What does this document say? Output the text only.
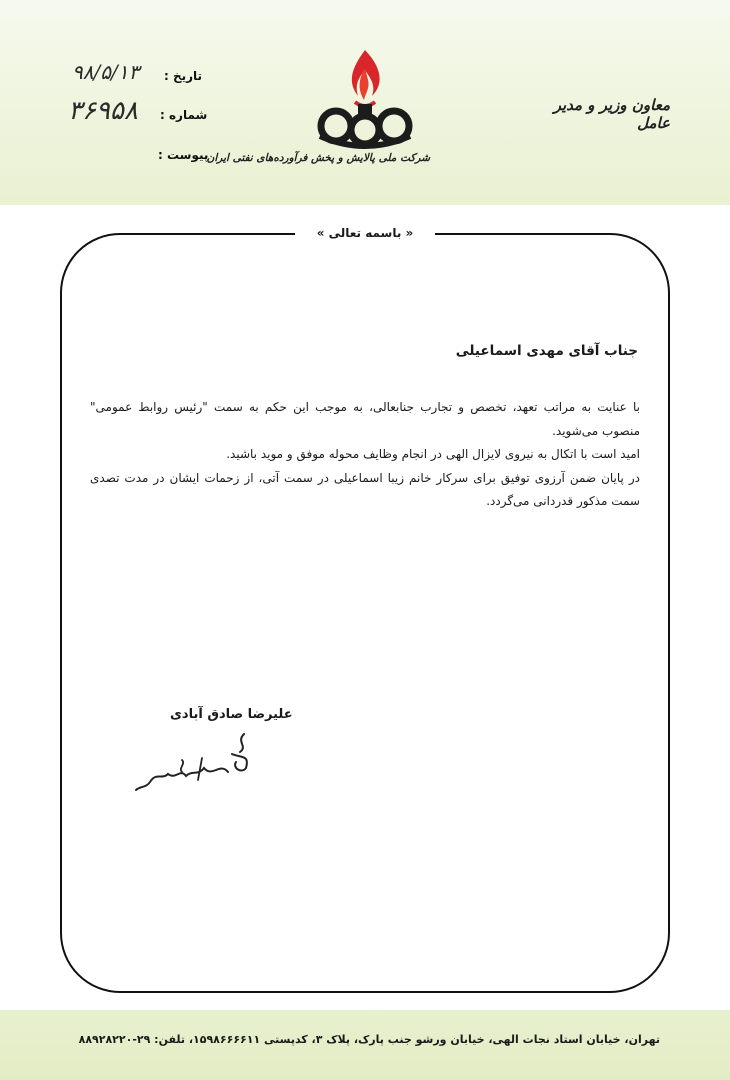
معاون وزیر و مدیر عامل
تاریخ :
۹۸/۵/۱۳
شماره :
۳۶۹۵۸
پیوست :
شرکت ملی پالایش و پخش فرآورده‌های نفتی ایران
« باسمه تعالی »
جناب آقای مهدی اسماعیلی

با عنایت به مراتب تعهد، تخصص و تجارب جنابعالی، به موجب این حکم به سمت "رئیس روابط عمومی" منصوب می‌شوید.

امید است با اتکال به نیروی لایزال الهی در انجام وظایف محوله موفق و موید باشید.

در پایان ضمن آرزوی توفیق برای سرکار خانم زیبا اسماعیلی در سمت آتی، از زحمات ایشان در مدت تصدی سمت مذکور قدردانی می‌گردد.

علیرضا صادق آبادی
تهران، خیابان استاد نجات الهی، خیابان ورشو جنب پارک، پلاک ۳، کدپستی ۱۵۹۸۶۶۶۶۱۱، تلفن: ۲۹-۸۸۹۲۸۲۲۰
